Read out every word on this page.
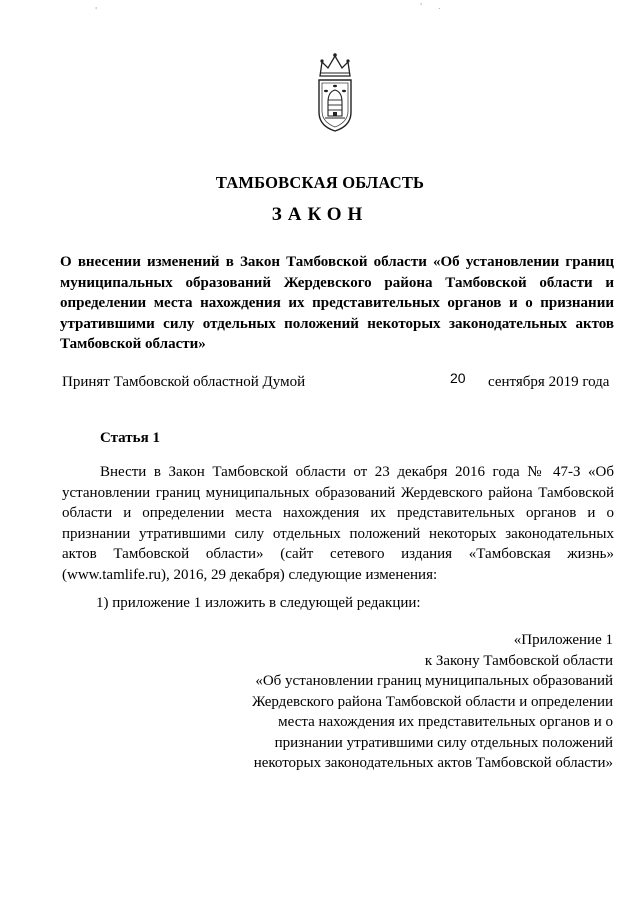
ТАМБОВСКАЯ ОБЛАСТЬ
ЗАКОН
О внесении изменений в Закон Тамбовской области «Об установлении границ муниципальных образований Жердевского района Тамбовской области и определении места нахождения их представительных органов и о признании утратившими силу отдельных положений некоторых законодательных актов Тамбовской области»
Принят Тамбовской областной Думой	20 сентября 2019 года
Статья 1
Внести в Закон Тамбовской области от 23 декабря 2016 года № 47-З «Об установлении границ муниципальных образований Жердевского района Тамбовской области и определении места нахождения их представительных органов и о признании утратившими силу отдельных положений некоторых законодательных актов Тамбовской области» (сайт сетевого издания «Тамбовская жизнь» (www.tamlife.ru), 2016, 29 декабря) следующие изменения:
1) приложение 1 изложить в следующей редакции:
«Приложение 1
к Закону Тамбовской области
«Об установлении границ муниципальных образований
Жердевского района Тамбовской области и определении
места нахождения их представительных органов и о
признании утратившими силу отдельных положений
некоторых законодательных актов Тамбовской области»
'	' .
